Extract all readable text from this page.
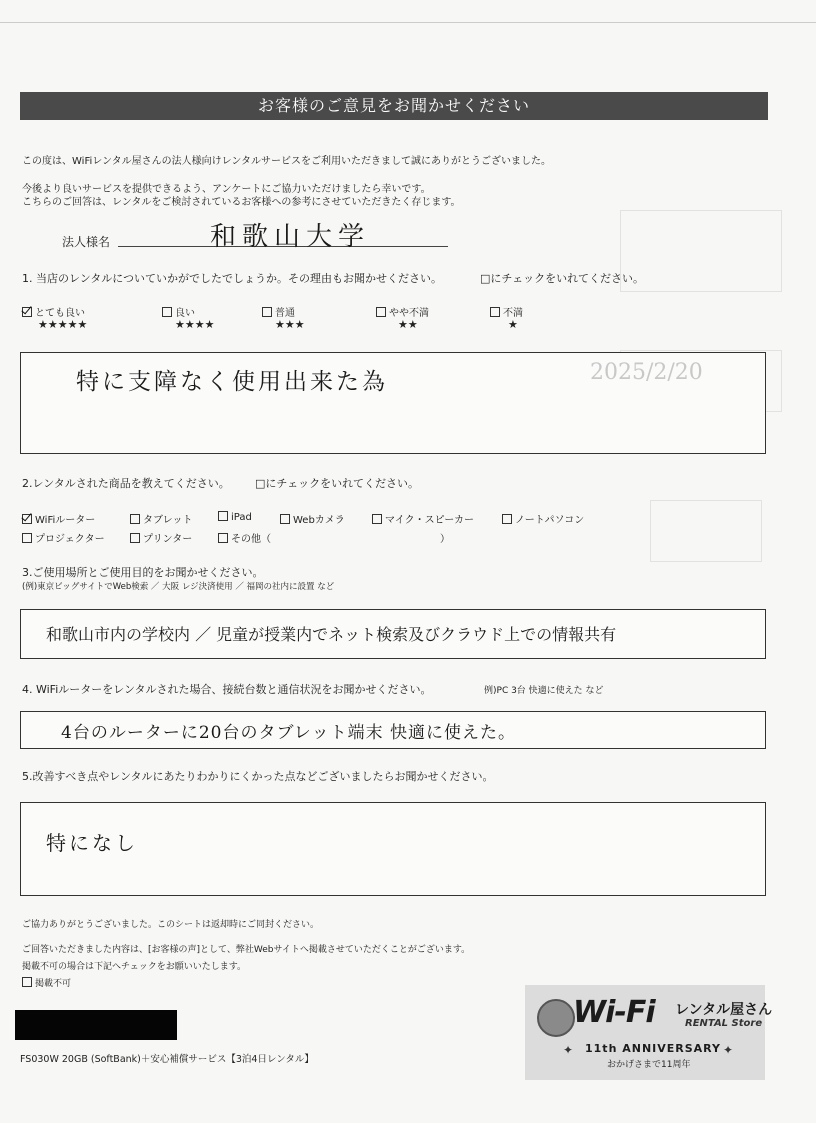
お客様のご意見をお聞かせください
この度は、WiFiレンタル屋さんの法人様向けレンタルサービスをご利用いただきまして誠にありがとうございました。
今後より良いサービスを提供できるよう、アンケートにご協力いただけましたら幸いです。
こちらのご回答は、レンタルをご検討されているお客様への参考にさせていただきたく存じます。
法人様名	和歌山大学
1. 当店のレンタルについていかがでしたでしょうか。その理由もお聞かせください。	□にチェックをいれてください。
とても良い
★★★★★
良い
★★★★
普通
★★★
やや不満
★★
不満
★
特に支障なく使用出来た為	2025/2/20
2.レンタルされた商品を教えてください。 □にチェックをいれてください。
WiFiルーター	タブレット	iPad	Webカメラ	マイク・スピーカー	ノートパソコン
プロジェクター	プリンター	その他（	）
3.ご使用場所とご使用目的をお聞かせください。
(例)東京ビッグサイトでWeb検索 ／ 大阪 レジ決済使用 ／ 福岡の社内に設置 など
和歌山市内の学校内 ／ 児童が授業内でネット検索及びクラウド上での情報共有
4. WiFiルーターをレンタルされた場合、接続台数と通信状況をお聞かせください。	例)PC 3台 快適に使えた など
4台のルーターに20台のタブレット端末 快適に使えた。
5.改善すべき点やレンタルにあたりわかりにくかった点などございましたらお聞かせください。
特になし
ご協力ありがとうございました。このシートは返却時にご同封ください。
ご回答いただきました内容は、[お客様の声]として、弊社Webサイトへ掲載させていただくことがございます。
掲載不可の場合は下記へチェックをお願いいたします。
掲載不可
FS030W 20GB (SoftBank)＋安心補償サービス【3泊4日レンタル】
Wi-Fi レンタル屋さん
RENTAL Store
11th ANNIVERSARY
おかげさまで11周年
✦	✦
